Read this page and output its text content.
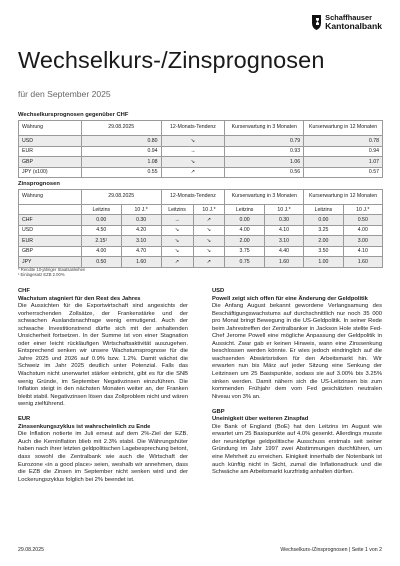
Schaffhauser
Kantonalbank
Wechselkurs-/Zinsprognosen
für den September 2025
Wechselkursprognosen gegenüber CHF
Währung	29.08.2025	12-Monats-Tendenz	Kurserwartung in 3 Monaten	Kurserwartung in 12 Monaten
USD	0.80	↘	0.79	0.78
EUR	0.94	→	0.93	0.94
GBP	1.08	↘	1.06	1.07
JPY (x100)	0.55	↗	0.56	0.57
Zinsprognosen
Währung	29.08.2025		12-Monats-Tendenz		Kurserwartung in 3 Monaten		Kurserwartung in 12 Monaten	
	Leitzins	10 J.*	Leitzins	10 J.*	Leitzins	10 J.*	Leitzins	10 J.*
CHF	0.00	0.30	→	↗	0.00	0.30	0.00	0.50
USD	4.50	4.20	↘	↘	4.00	4.10	3.25	4.00
EUR	2.15¹	3.10	↘	↘	2.00	3.10	2.00	3.00
GBP	4.00	4.70	↘	↘	3.75	4.40	3.50	4.10
JPY	0.50	1.60	↗	↗	0.75	1.60	1.00	1.60
* Rendite 10-jähriger Staatsanleihen
¹ Einlagesatz EZB 2.00%
CHF
Wachstum stagniert für den Rest des Jahres

Die Aussichten für die Exportwirtschaft sind angesichts der vorherrschenden Zollsätze, der Frankenstärke und der schwachen Auslandsnachfrage wenig ermutigend. Auch der schwache Investitionstrend dürfte sich mit der anhaltenden Unsicherheit fortsetzen. In der Summe ist von einer Stagnation oder einer leicht rückläufigen Wirtschaftsaktivität auszugehen. Entsprechend senken wir unsere Wachstumsprognose für die Jahre 2025 und 2026 auf 0.9% bzw. 1.2%. Damit wächst die Schweiz im Jahr 2025 deutlich unter Potenzial. Falls das Wachstum nicht unerwartet stärker einbricht, gibt es für die SNB wenig Gründe, im September Negativzinsen einzuführen. Die Inflation steigt in den nächsten Monaten weiter an, der Franken bleibt stabil. Negativzinsen lösen das Zollproblem nicht und wären wenig zielführend.

EUR
Zinssenkungszyklus ist wahrscheinlich zu Ende

Die Inflation notierte im Juli erneut auf dem 2%-Ziel der EZB. Auch die Kerninflation blieb mit 2.3% stabil. Die Währungshüter haben nach ihrer letzten geldpolitischen Lagebesprechung betont, dass sowohl die Zentralbank wie auch die Wirtschaft der Eurozone «in a good place» seien, weshalb wir annehmen, dass die EZB die Zinsen im September nicht senken wird und der Lockerungszyklus folglich bei 2% beendet ist.

USD
Powell zeigt sich offen für eine Änderung der Geldpolitik

Die Anfang August bekannt gewordene Verlangsamung des Beschäftigungswachstums auf durchschnittlich nur noch 35 000 pro Monat bringt Bewegung in die US-Geldpolitik. In seiner Rede beim Jahrestreffen der Zentralbanker in Jackson Hole stellte Fed-Chef Jerome Powell eine mögliche Anpassung der Geldpolitik in Aussicht. Zwar gab er keinen Hinweis, wann eine Zinssenkung beschlossen werden könnte. Er wies jedoch eindringlich auf die wachsenden Abwärtsrisiken für den Arbeitsmarkt hin. Wir erwarten nun bis März auf jeder Sitzung eine Senkung der Leitzinsen um 25 Basispunkte, sodass sie auf 3.00% bis 3.25% sinken werden. Damit nähern sich die US-Leitzinsen bis zum kommenden Frühjahr dem vom Fed geschätzten neutralen Niveau von 3% an.

GBP
Uneinigkeit über weiteren Zinspfad

Die Bank of England (BoE) hat den Leitzins im August wie erwartet um 25 Basispunkte auf 4.0% gesenkt. Allerdings musste der neunköpfige geldpolitische Ausschuss erstmals seit seiner Gründung im Jahr 1997 zwei Abstimmungen durchführen, um eine Mehrheit zu erreichen. Einigkeit innerhalb der Notenbank ist auch künftig nicht in Sicht, zumal die Inflationsdruck und die Schwäche am Arbeitsmarkt kurzfristig anhalten dürften.

29.08.2025	Wechselkurs-/Zinsprognosen | Seite 1 von 2
